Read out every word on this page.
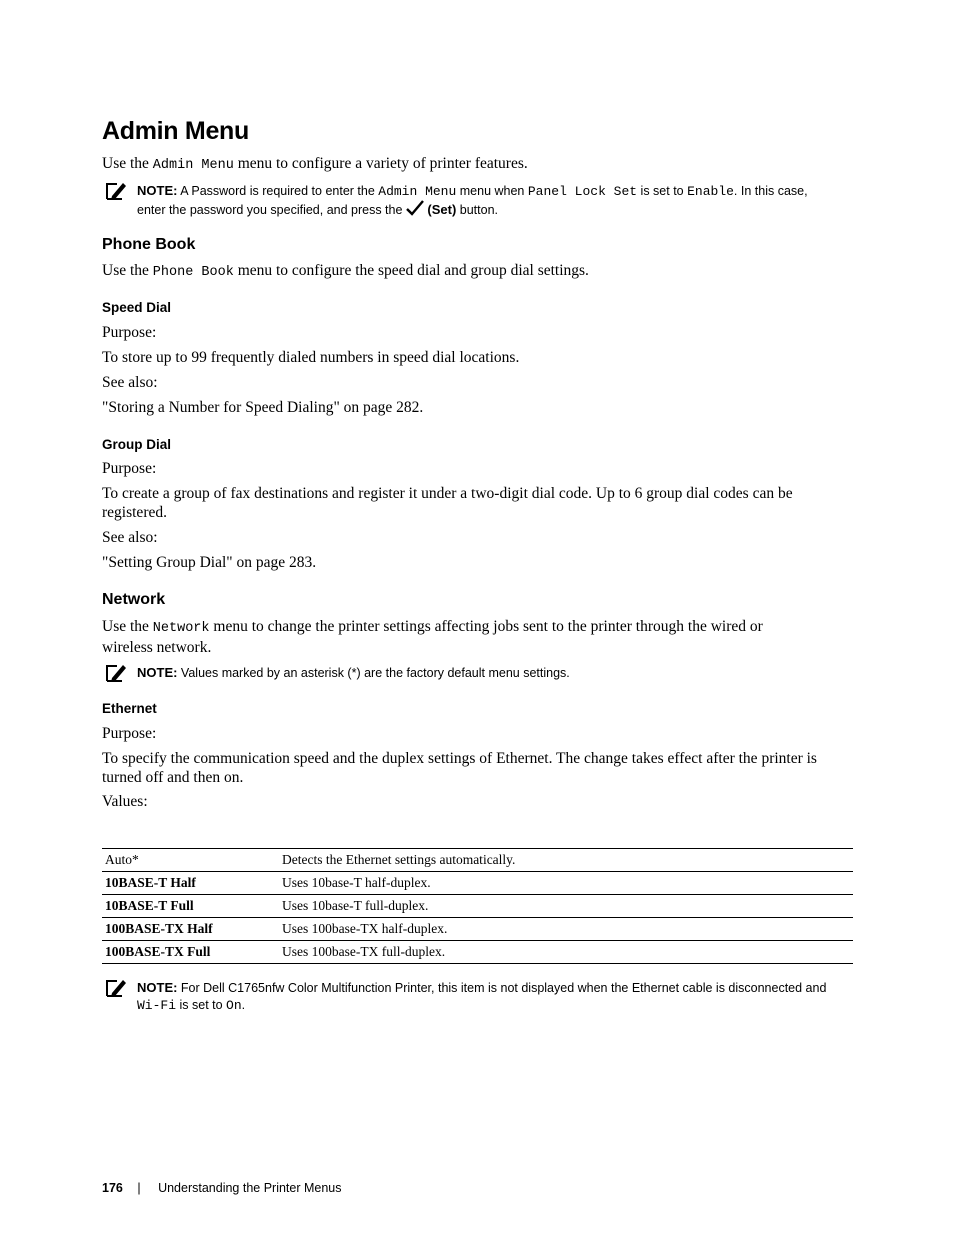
Admin Menu
Use the Admin Menu menu to configure a variety of printer features.
NOTE: A Password is required to enter the Admin Menu menu when Panel Lock Set is set to Enable. In this case,
enter the password you specified, and press the  (Set) button.
Phone Book
Use the Phone Book menu to configure the speed dial and group dial settings.
Speed Dial
Purpose:
To store up to 99 frequently dialed numbers in speed dial locations.
See also:
"Storing a Number for Speed Dialing" on page 282.
Group Dial
Purpose:
To create a group of fax destinations and register it under a two-digit dial code. Up to 6 group dial codes can be
registered.
See also:
"Setting Group Dial" on page 283.
Network
Use the Network menu to change the printer settings affecting jobs sent to the printer through the wired or
wireless network.
NOTE: Values marked by an asterisk (*) are the factory default menu settings.
Ethernet
Purpose:
To specify the communication speed and the duplex settings of Ethernet. The change takes effect after the printer is
turned off and then on.
Values:
Auto*	Detects the Ethernet settings automatically.
10BASE-T Half	Uses 10base-T half-duplex.
10BASE-T Full	Uses 10base-T full-duplex.
100BASE-TX Half	Uses 100base-TX half-duplex.
100BASE-TX Full	Uses 100base-TX full-duplex.
NOTE: For Dell C1765nfw Color Multifunction Printer, this item is not displayed when the Ethernet cable is disconnected and
Wi-Fi is set to On.
176 | Understanding the Printer Menus
